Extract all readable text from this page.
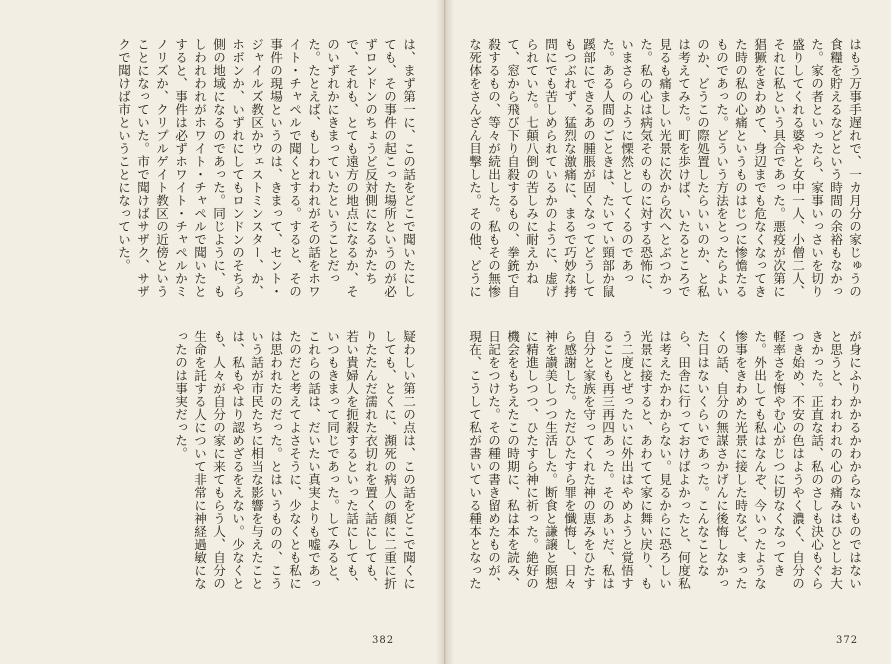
は、まず第一に、この話をどこで聞いたにしても、その事件の起こった場所というのが必ずロンドンのちょうど反対側になるかたちで、それも、とても遠方の地点になるか、そのいずれかにきまっていたということだった。たとえば、もしわれわれがその話をホワイト・チャペルで聞くとする。すると、その事件の現場というのは、きまって、セント・ジャイルズ教区かウェストミンスター、か、ホボンか、いずれにしてもロンドンのそちら側の地域になるのであった。同じように、もしわれわれがホワイト・チャペルで聞いたとすると、事件は必ずホワイト・チャペルかミノリズか、クリプルゲイト教区の近傍ということになっていた。市で聞けばサザク、サザクで聞けば市ということになっていた。
疑わしい第二の点は、この話をどこで聞くにしても、とくに、瀕死の病人の顔に二重に折りたたんだ濡れた衣切れを置く話にしても、若い貴婦人を扼殺するといった話にしても、いつもきまって同じであった。してみると、これらの話は、だいたい真実よりも嘘であったのだと考えてよさそうに、少なくとも私には思われたのだった。とはいうものの、こういう話が市民たちに相当な影響を与えたことは、私もやはり認めざるをえない。少なくとも、人々が自分の家に来てもらう人、自分の生命を託する人について非常に神経過敏になったのは事実だった。
382
はもう万事手遅れで、一カ月分の家じゅうの食糧を貯えるなどという時間の余裕もなかった。家の者といったら、家事いっさいを切り盛りしてくれる婆やと女中一人、小僧二人、それに私という具合であった。悪疫が次第に猖獗をきわめて、身辺までも危なくなってきた時の私の心痛というものはじつに惨憺たるものであった。どういう方法をとったらよいのか、どうこの際処置したらいいのか、と私は考えてみた。町を歩けば、いたるところで見るも痛ましい光景に次から次へとぶつかった。私の心は病気そのものに対する恐怖に、いまさらのように慄然としてくるのであった。ある人間のごときは、たいてい頸部か鼠蹊部にできるあの腫脹が固くなってどうしてもつぶれず、猛烈な激痛に、まるで巧妙な拷問にでも苦しめられているかのように、虚げられていた。七顛八倒の苦しみに耐えかねて、窓から飛び下り自殺するもの、拳銃で自殺するもの、等々が続出した。私もその無惨な死体をさんざん目撃した。その他、どうに
が身にふりかかるかわからないものではないと思うと、われわれの心の痛みはひとしお大きかった。正直な話、私のさしも決心もぐらつき始め、不安の色はようやく濃く、自分の軽率さを悔やむ心がじつに切なくなってきた。外出しても私はなんぞ、今いったような惨事をきわめた光景に接した時など、まったくの話、自分の無謀さかげんに後悔しなかった日はないくらいであった。こんなことなら、田舎に行っておけばよかったと、何度私は考えたかわからない。見るからに恐ろしい光景に接すると、あわてて家に舞い戻り、もう二度とぜったいに外出はやめようと覚悟することも再三再四あった。そのあいだ、私は自分と家族を守ってくれた神の恵みをひたすら感謝した。ただひたすら罪を懺悔し、日々神を讃美しつつ生活した。断食と謙譲と瞑想に精進しつつ、ひたすら神に祈った。絶好の機会をもちえたこの時期に、私は本を読み、日記をつけた。その種の書き留めたものが、現在、こうして私が書いている種本となった
372
